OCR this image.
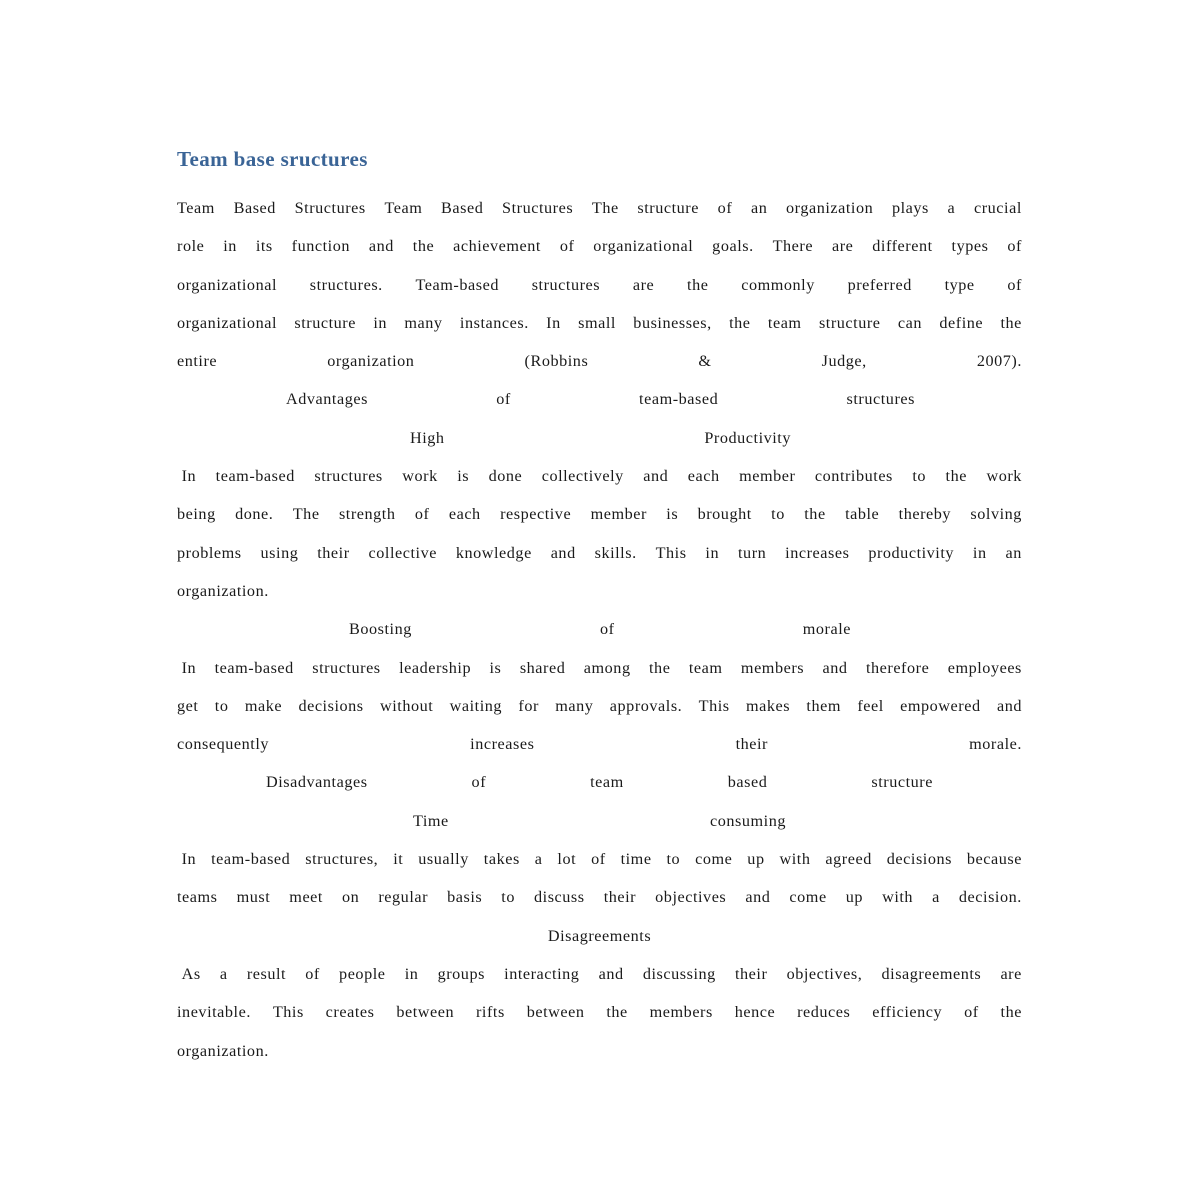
Team base sructures
Team Based Structures Team Based Structures The structure of an organization plays a crucial
role in its function and the achievement of organizational goals. There are different types of
organizational structures. Team-based structures are the commonly preferred type of
organizational structure in many instances. In small businesses, the team structure can define the
entire	organization	(Robbins	&	Judge,	2007).
Advantages	of	team-based	structures
High	Productivity
In team-based structures work is done collectively and each member contributes to the work
being done. The strength of each respective member is brought to the table thereby solving
problems using their collective knowledge and skills. This in turn increases productivity in an
organization.
Boosting	of	morale
In team-based structures leadership is shared among the team members and therefore employees
get to make decisions without waiting for many approvals. This makes them feel empowered and
consequently	increases	their	morale.
Disadvantages	of	team	based	structure
Time	consuming
In team-based structures, it usually takes a lot of time to come up with agreed decisions because
teams must meet on regular basis to discuss their objectives and come up with a decision.
Disagreements
As a result of people in groups interacting and discussing their objectives, disagreements are
inevitable. This creates between rifts between the members hence reduces efficiency of the
organization.
